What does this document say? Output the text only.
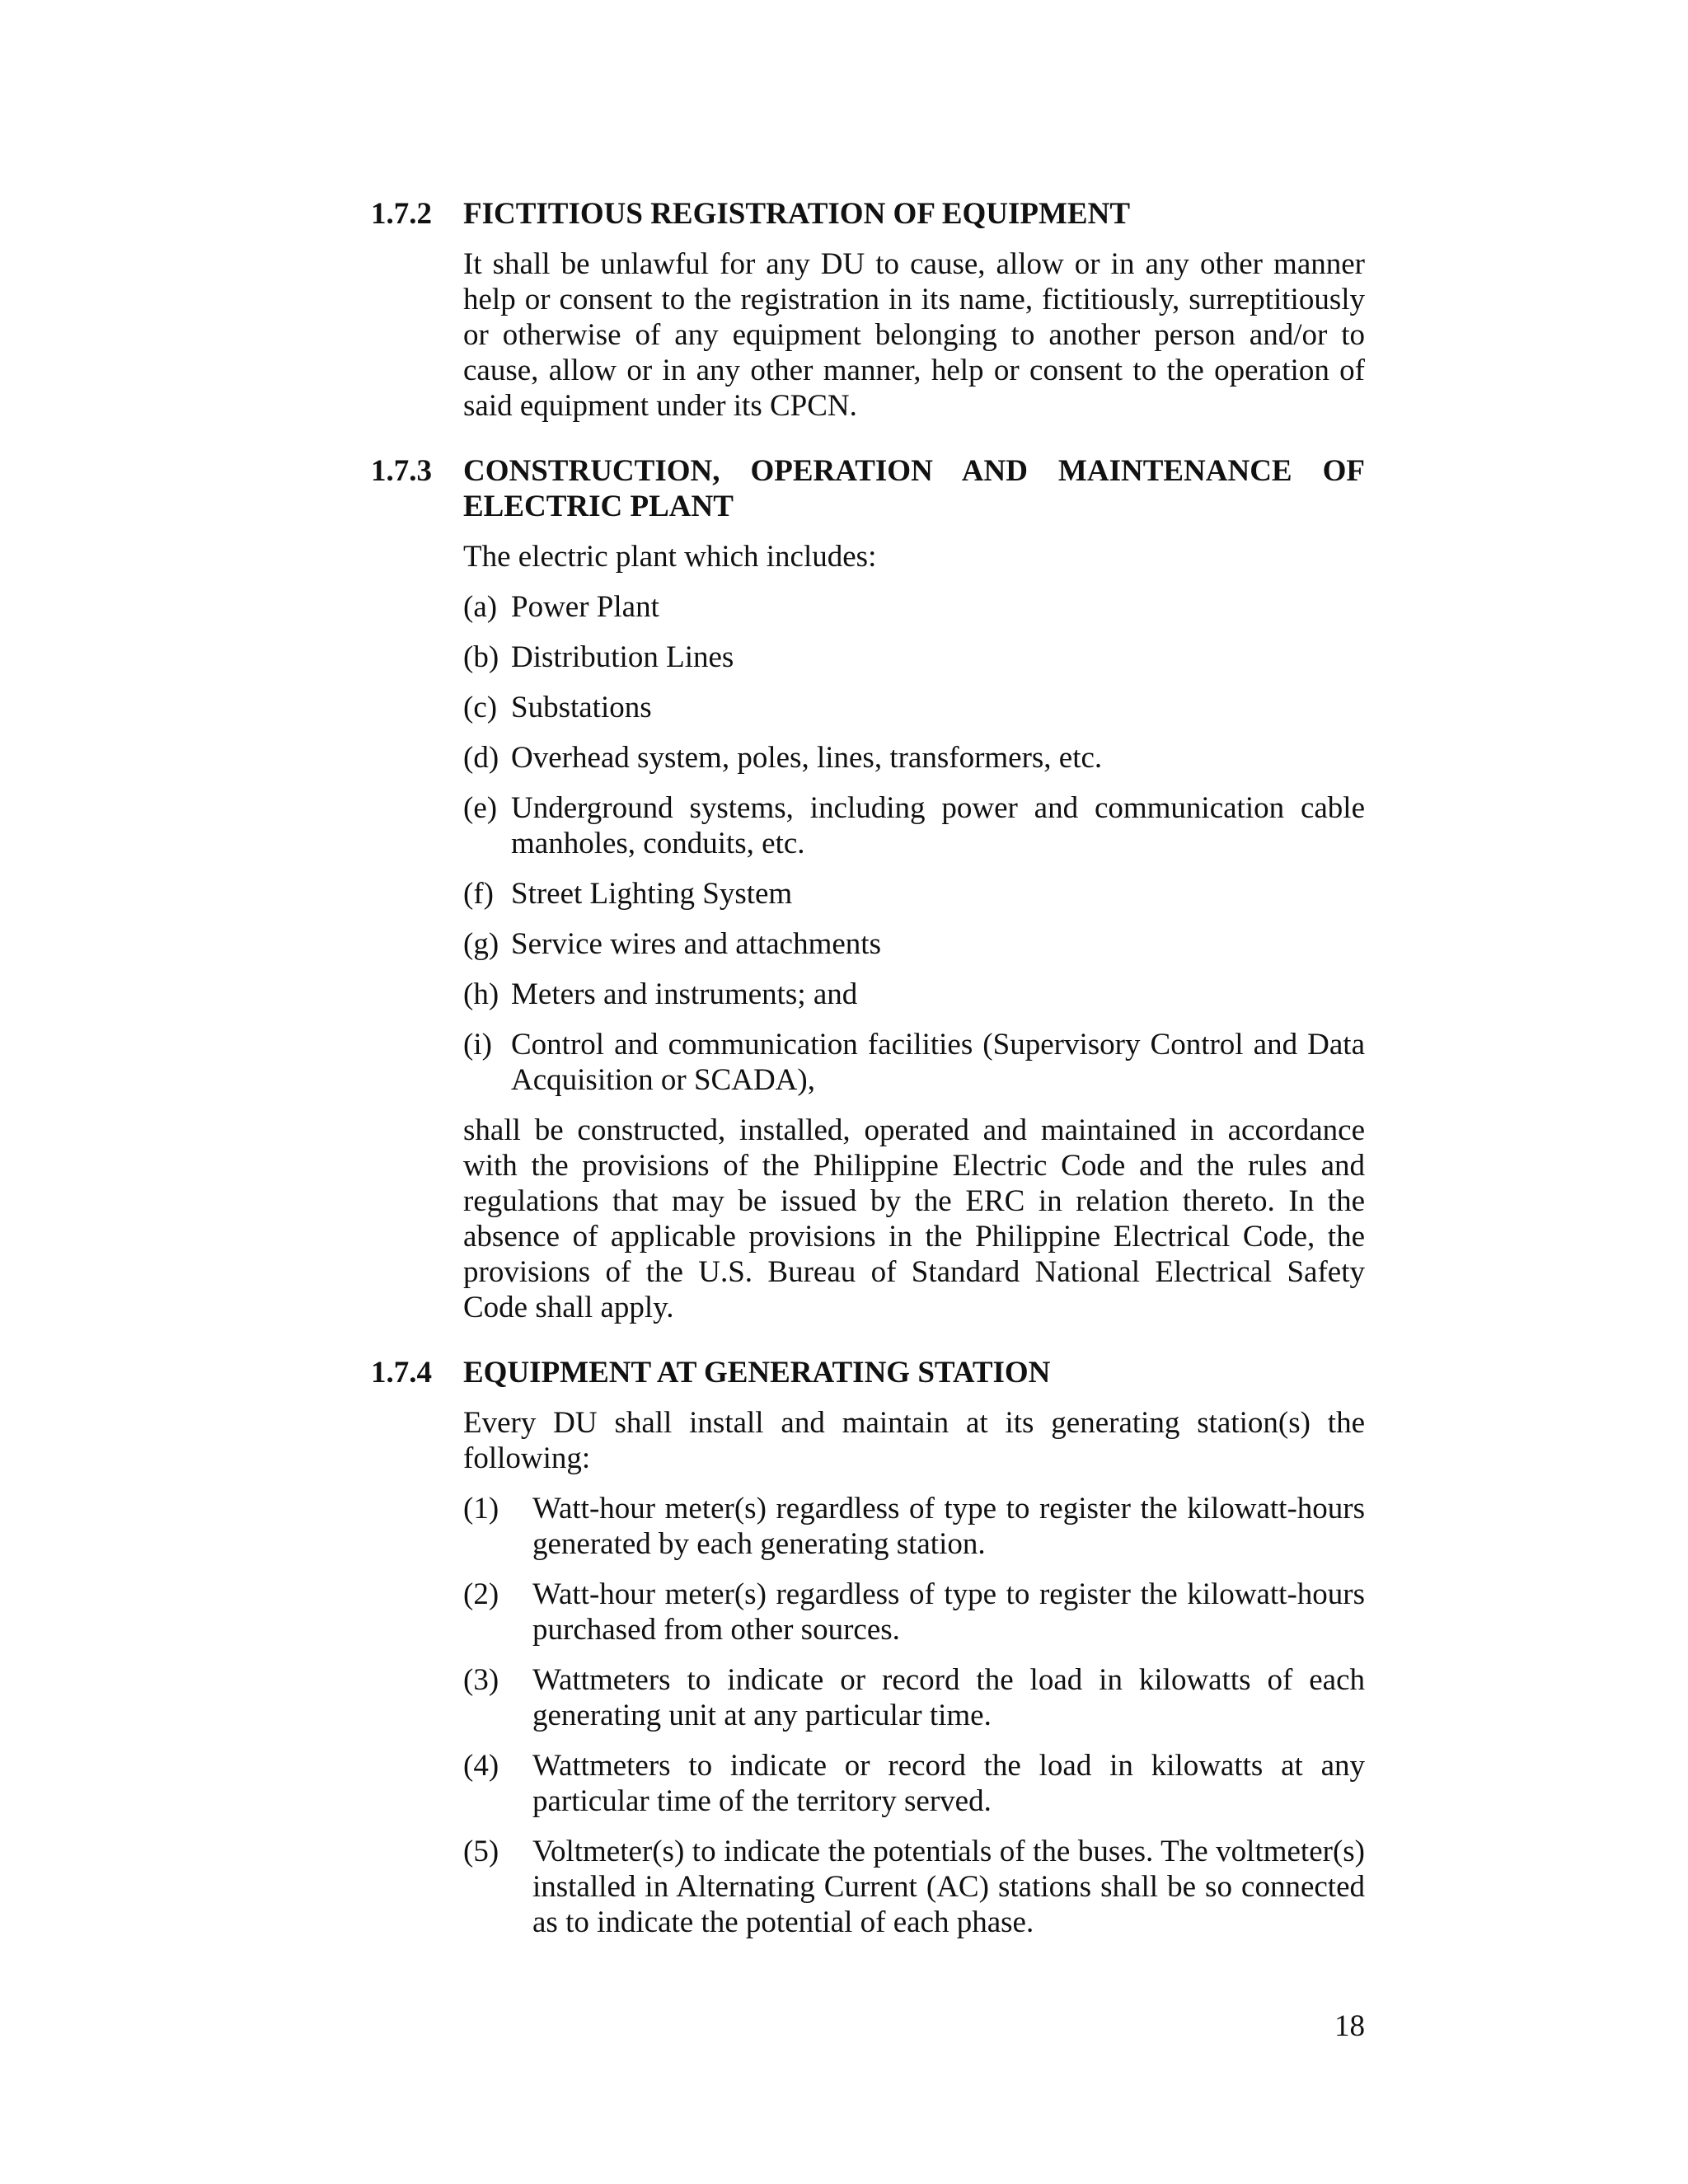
1.7.2	FICTITIOUS REGISTRATION OF EQUIPMENT

It shall be unlawful for any DU to cause, allow or in any other manner help or consent to the registration in its name, fictitiously, surreptitiously or otherwise of any equipment belonging to another person and/or to cause, allow or in any other manner, help or consent to the operation of said equipment under its CPCN.

1.7.3	CONSTRUCTION, OPERATION AND MAINTENANCE OF ELECTRIC PLANT

The electric plant which includes:

(a) Power Plant
(b) Distribution Lines
(c) Substations
(d) Overhead system, poles, lines, transformers, etc.
(e) Underground systems, including power and communication cable manholes, conduits, etc.
(f) Street Lighting System
(g) Service wires and attachments
(h) Meters and instruments; and
(i) Control and communication facilities (Supervisory Control and Data Acquisition or SCADA),

shall be constructed, installed, operated and maintained in accordance with the provisions of the Philippine Electric Code and the rules and regulations that may be issued by the ERC in relation thereto. In the absence of applicable provisions in the Philippine Electrical Code, the provisions of the U.S. Bureau of Standard National Electrical Safety Code shall apply.

1.7.4	EQUIPMENT AT GENERATING STATION

Every DU shall install and maintain at its generating station(s) the following:

(1)	Watt-hour meter(s) regardless of type to register the kilowatt-hours generated by each generating station.
(2)	Watt-hour meter(s) regardless of type to register the kilowatt-hours purchased from other sources.
(3)	Wattmeters to indicate or record the load in kilowatts of each generating unit at any particular time.
(4)	Wattmeters to indicate or record the load in kilowatts at any particular time of the territory served.
(5)	Voltmeter(s) to indicate the potentials of the buses. The voltmeter(s) installed in Alternating Current (AC) stations shall be so connected as to indicate the potential of each phase.
18
